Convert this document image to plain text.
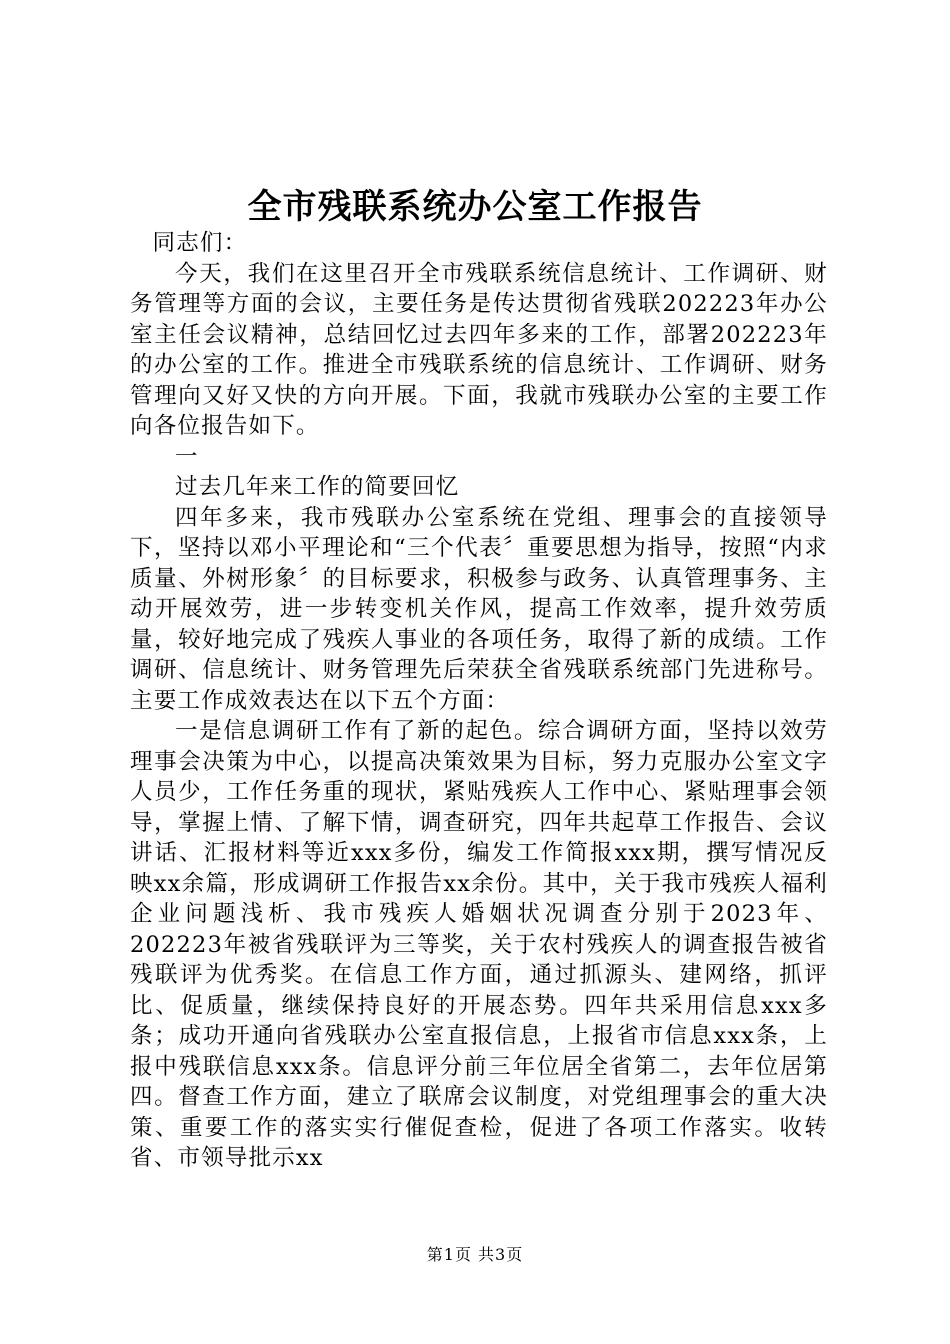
全市残联系统办公室工作报告

同志们：

今天，我们在这里召开全市残联系统信息统计、工作调研、财务管理等方面的会议，主要任务是传达贯彻省残联202223年办公室主任会议精神，总结回忆过去四年多来的工作，部署202223年的办公室的工作。推进全市残联系统的信息统计、工作调研、财务管理向又好又快的方向开展。下面，我就市残联办公室的主要工作向各位报告如下。

一

过去几年来工作的简要回忆

四年多来，我市残联办公室系统在党组、理事会的直接领导下，坚持以邓小平理论和“三个代表〞重要思想为指导，按照“内求质量、外树形象〞的目标要求，积极参与政务、认真管理事务、主动开展效劳，进一步转变机关作风，提高工作效率，提升效劳质量，较好地完成了残疾人事业的各项任务，取得了新的成绩。工作调研、信息统计、财务管理先后荣获全省残联系统部门先进称号。主要工作成效表达在以下五个方面：

一是信息调研工作有了新的起色。综合调研方面，坚持以效劳理事会决策为中心，以提高决策效果为目标，努力克服办公室文字人员少，工作任务重的现状，紧贴残疾人工作中心、紧贴理事会领导，掌握上情、了解下情，调查研究，四年共起草工作报告、会议讲话、汇报材料等近xxx多份，编发工作简报xxx期，撰写情况反映xx余篇，形成调研工作报告xx余份。其中，关于我市残疾人福利企业问题浅析、我市残疾人婚姻状况调查分别于2023年、202223年被省残联评为三等奖，关于农村残疾人的调查报告被省残联评为优秀奖。在信息工作方面，通过抓源头、建网络，抓评比、促质量，继续保持良好的开展态势。四年共采用信息xxx多条；成功开通向省残联办公室直报信息，上报省市信息xxx条，上报中残联信息xxx条。信息评分前三年位居全省第二，去年位居第四。督查工作方面，建立了联席会议制度，对党组理事会的重大决策、重要工作的落实实行催促查检，促进了各项工作落实。收转省、市领导批示xx

第1页 共3页
